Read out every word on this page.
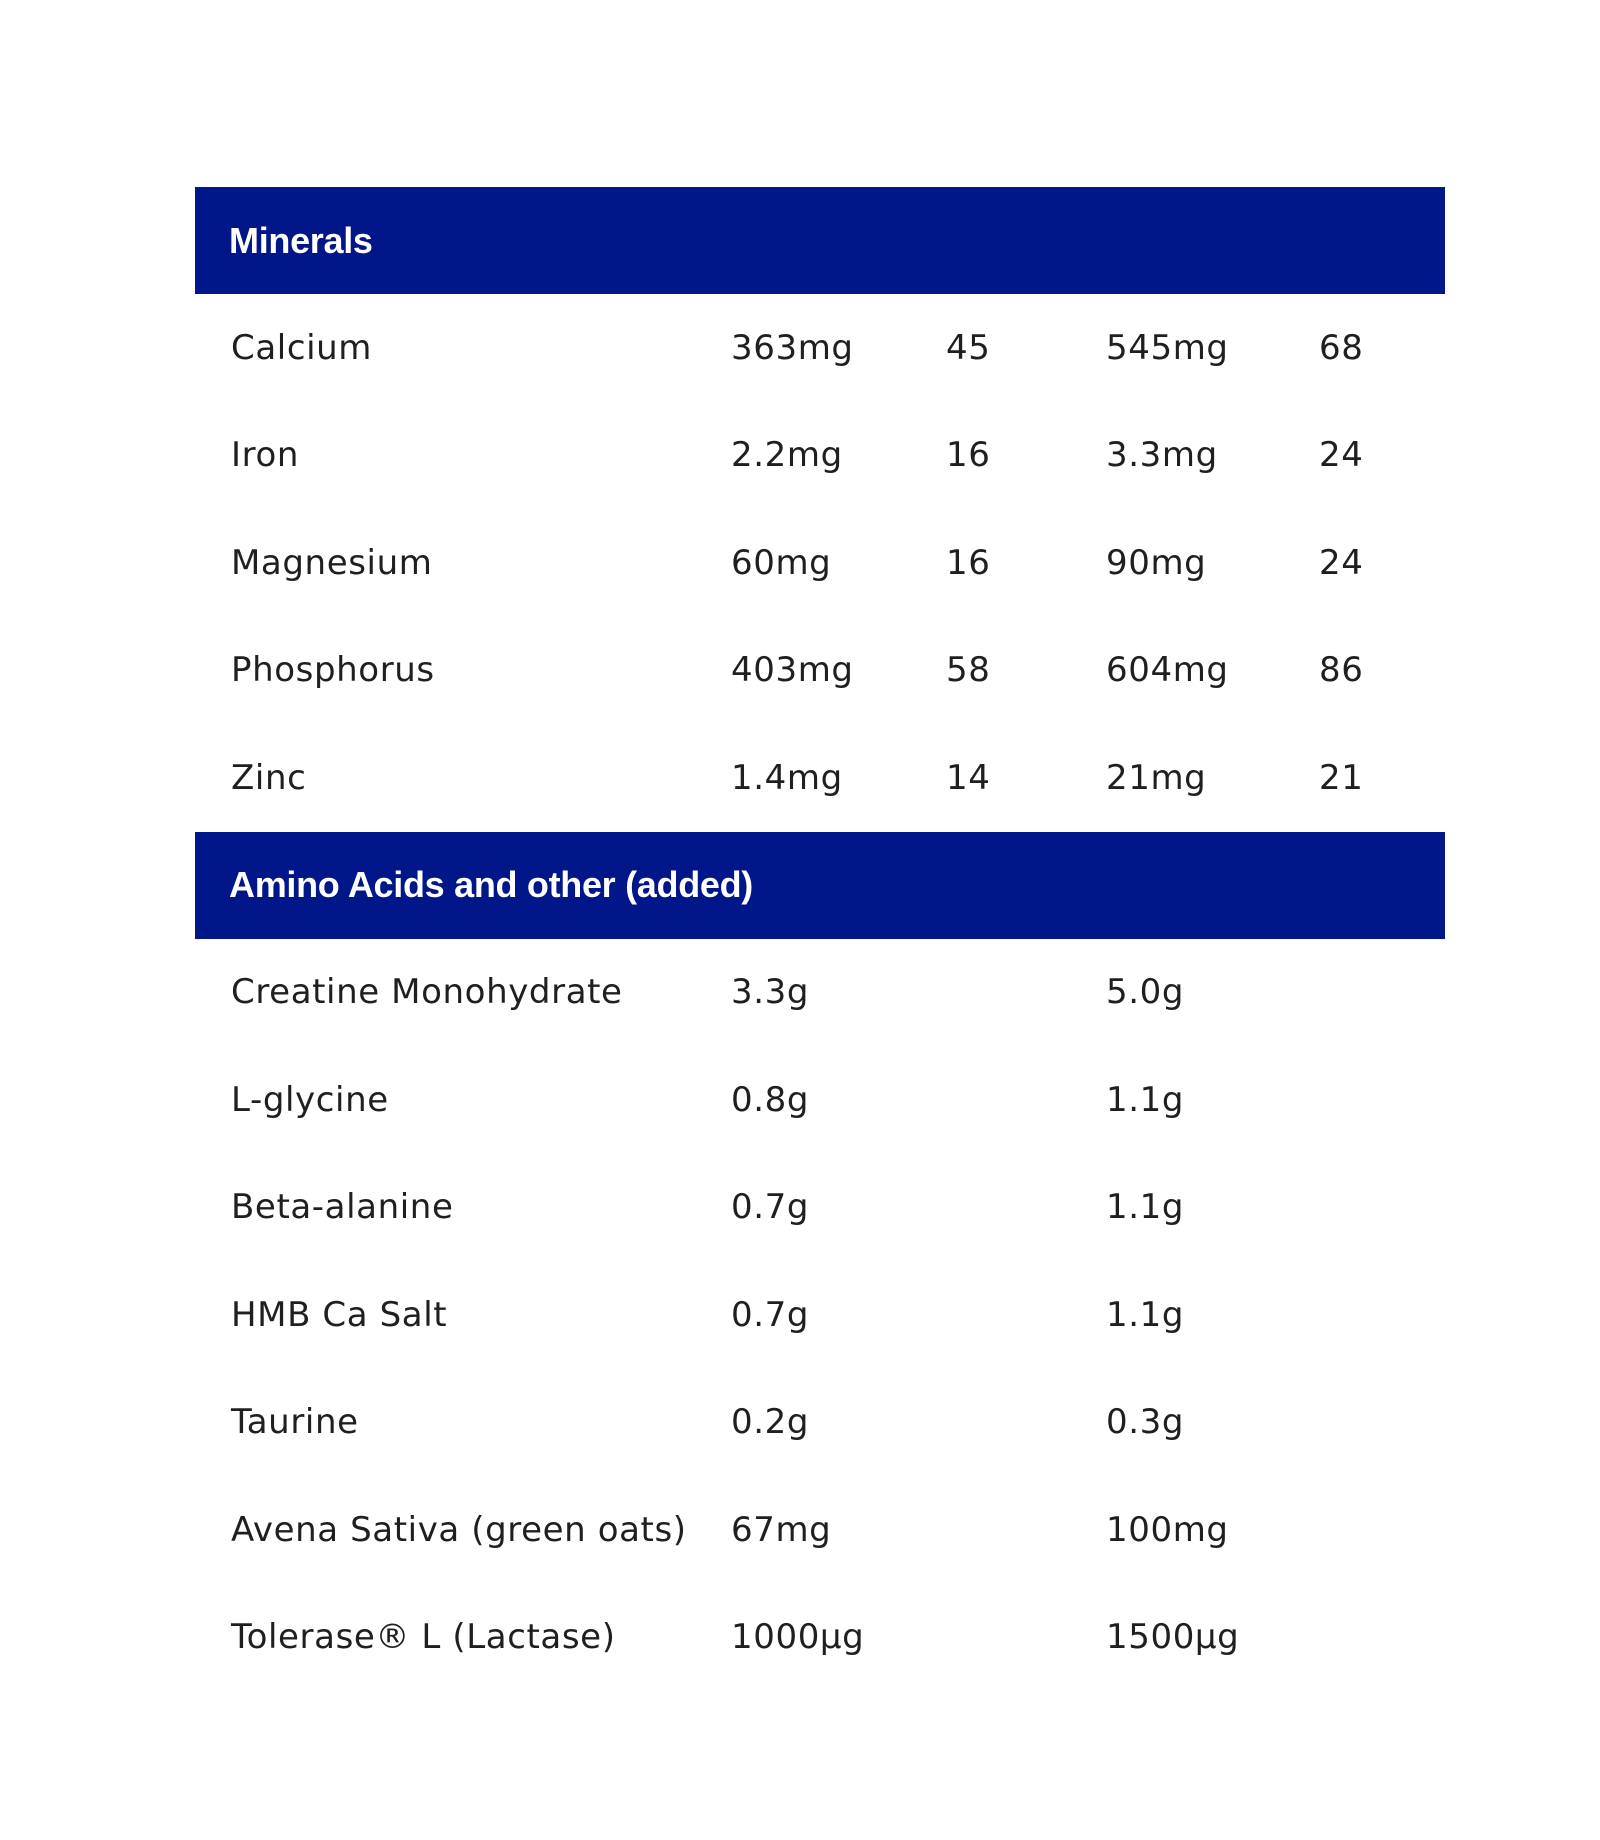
Minerals
Calcium	363mg	45	545mg	68
Iron	2.2mg	16	3.3mg	24
Magnesium	60mg	16	90mg	24
Phosphorus	403mg	58	604mg	86
Zinc	1.4mg	14	21mg	21
Amino Acids and other (added)
Creatine Monohydrate	3.3g	5.0g
L-glycine	0.8g	1.1g
Beta-alanine	0.7g	1.1g
HMB Ca Salt	0.7g	1.1g
Taurine	0.2g	0.3g
Avena Sativa (green oats) 67mg	100mg
Tolerase® L (Lactase)	1000µg	1500µg
